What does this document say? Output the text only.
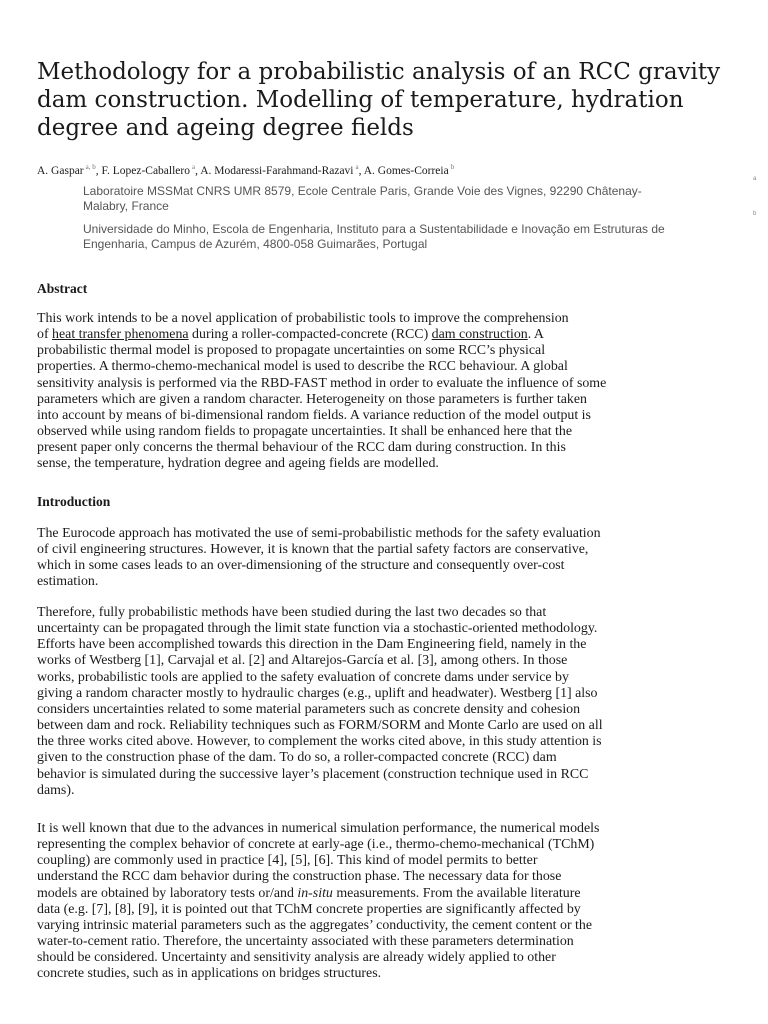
Methodology for a probabilistic analysis of an RCC gravity
dam construction. Modelling of temperature, hydration
degree and ageing degree fields
A. Gaspar $^{a, b}$, F. Lopez-Caballero $^a$, A. Modaressi-Farahmand-Razavi $^a$, A. Gomes-Correia $^b$
Laboratoire MSSMat CNRS UMR 8579, Ecole Centrale Paris, Grande Voie des Vignes, 92290 Châtenay-
Malabry, France
a
Universidade do Minho, Escola de Engenharia, Instituto para a Sustentabilidade e Inovação em Estruturas de
Engenharia, Campus de Azurém, 4800-058 Guimarães, Portugal
b
Abstract
This work intends to be a novel application of probabilistic tools to improve the comprehension
of heat transfer phenomena during a roller-compacted-concrete (RCC) dam construction. A
probabilistic thermal model is proposed to propagate uncertainties on some RCC’s physical
properties. A thermo-chemo-mechanical model is used to describe the RCC behaviour. A global
sensitivity analysis is performed via the RBD-FAST method in order to evaluate the influence of some
parameters which are given a random character. Heterogeneity on those parameters is further taken
into account by means of bi-dimensional random fields. A variance reduction of the model output is
observed while using random fields to propagate uncertainties. It shall be enhanced here that the
present paper only concerns the thermal behaviour of the RCC dam during construction. In this
sense, the temperature, hydration degree and ageing fields are modelled.
Introduction
The Eurocode approach has motivated the use of semi-probabilistic methods for the safety evaluation
of civil engineering structures. However, it is known that the partial safety factors are conservative,
which in some cases leads to an over-dimensioning of the structure and consequently over-cost
estimation.
Therefore, fully probabilistic methods have been studied during the last two decades so that
uncertainty can be propagated through the limit state function via a stochastic-oriented methodology.
Efforts have been accomplished towards this direction in the Dam Engineering field, namely in the
works of Westberg [1], Carvajal et al. [2] and Altarejos-García et al. [3], among others. In those
works, probabilistic tools are applied to the safety evaluation of concrete dams under service by
giving a random character mostly to hydraulic charges (e.g., uplift and headwater). Westberg [1] also
considers uncertainties related to some material parameters such as concrete density and cohesion
between dam and rock. Reliability techniques such as FORM/SORM and Monte Carlo are used on all
the three works cited above. However, to complement the works cited above, in this study attention is
given to the construction phase of the dam. To do so, a roller-compacted concrete (RCC) dam
behavior is simulated during the successive layer’s placement (construction technique used in RCC
dams).
It is well known that due to the advances in numerical simulation performance, the numerical models
representing the complex behavior of concrete at early-age (i.e., thermo-chemo-mechanical (TChM)
coupling) are commonly used in practice [4], [5], [6]. This kind of model permits to better
understand the RCC dam behavior during the construction phase. The necessary data for those
models are obtained by laboratory tests or/and in-situ measurements. From the available literature
data (e.g. [7], [8], [9], it is pointed out that TChM concrete properties are significantly affected by
varying intrinsic material parameters such as the aggregates’ conductivity, the cement content or the
water-to-cement ratio. Therefore, the uncertainty associated with these parameters determination
should be considered. Uncertainty and sensitivity analysis are already widely applied to other
concrete studies, such as in applications on bridges structures.
